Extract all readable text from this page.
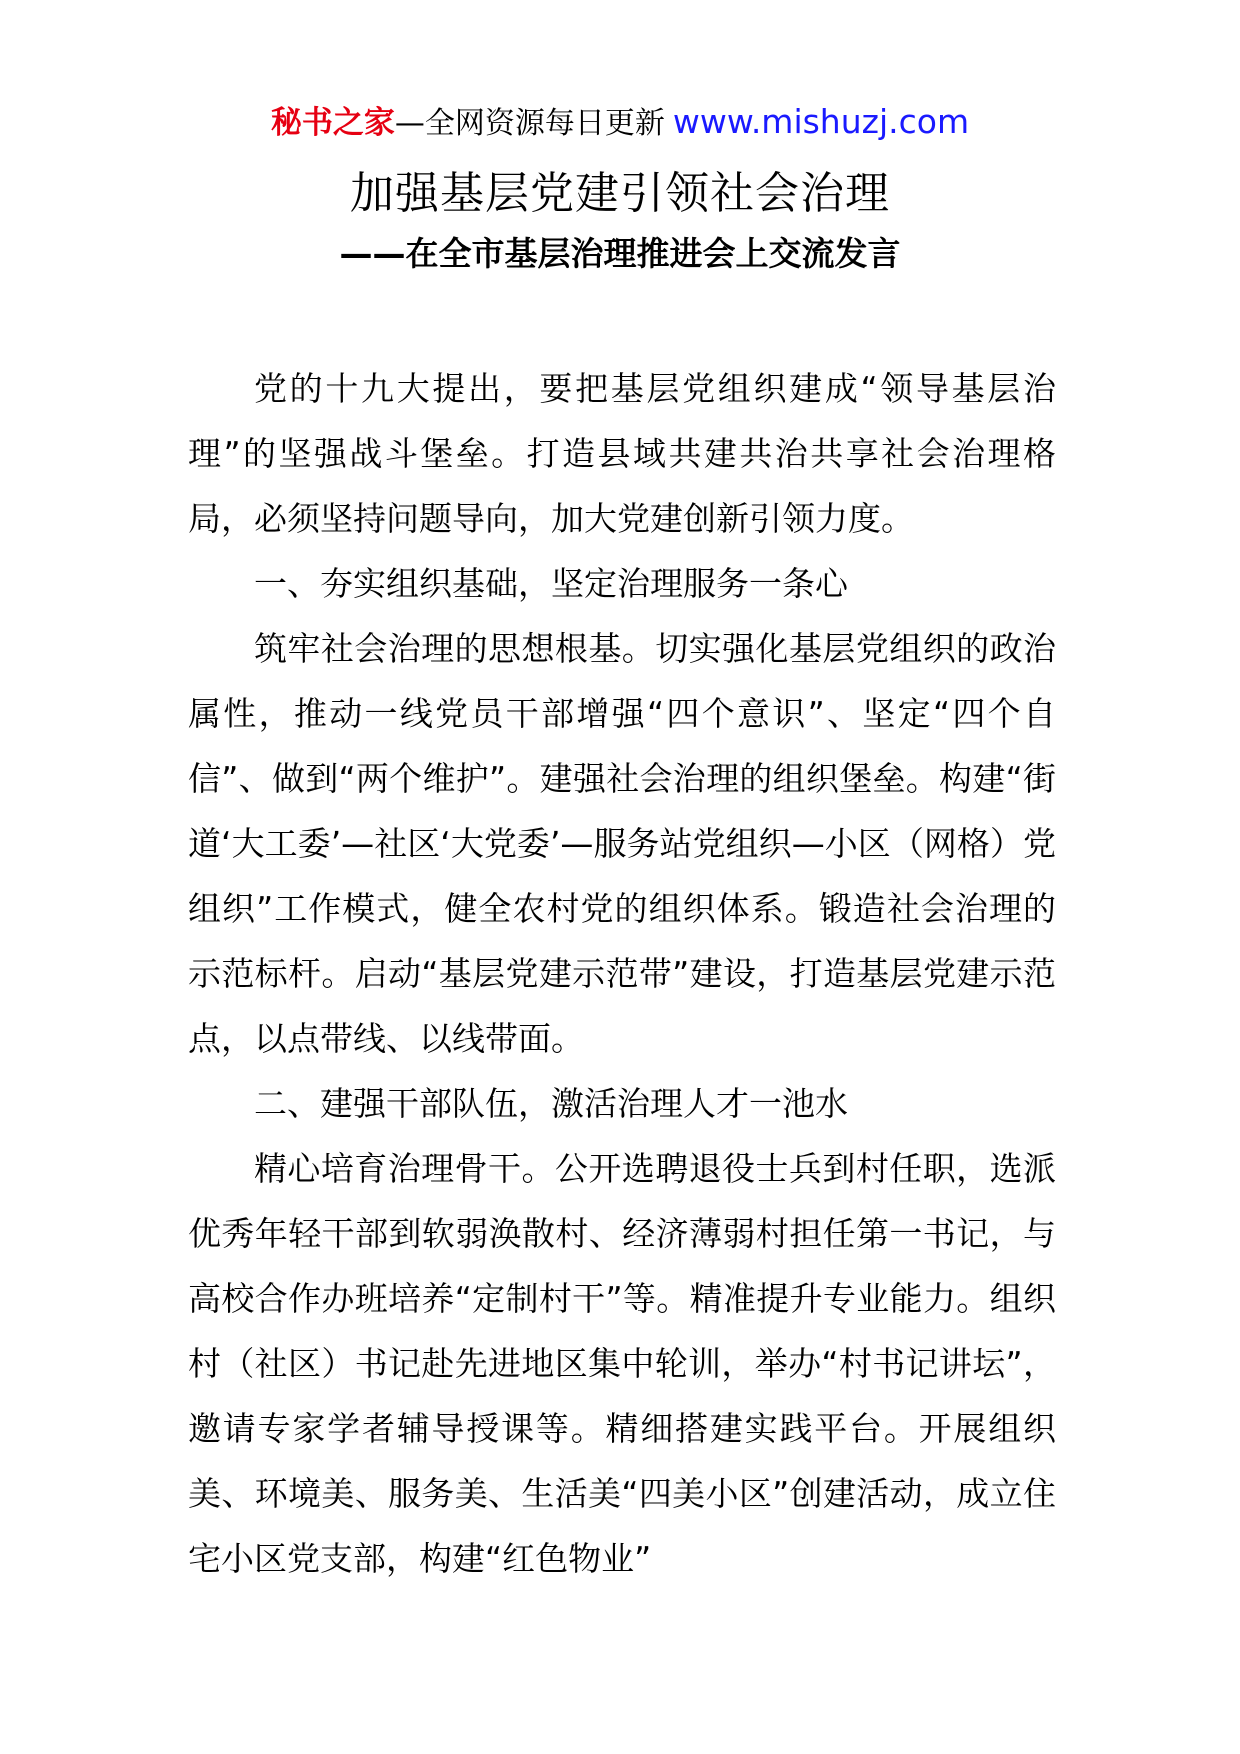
秘书之家—全网资源每日更新 www.mishuzj.com
加强基层党建引领社会治理
——在全市基层治理推进会上交流发言

党的十九大提出，要把基层党组织建成“领导基层治理”的坚强战斗堡垒。打造县域共建共治共享社会治理格局，必须坚持问题导向，加大党建创新引领力度。

一、夯实组织基础，坚定治理服务一条心

筑牢社会治理的思想根基。切实强化基层党组织的政治属性，推动一线党员干部增强“四个意识”、坚定“四个自信”、做到“两个维护”。建强社会治理的组织堡垒。构建“街道‘大工委’—社区‘大党委’—服务站党组织—小区（网格）党组织”工作模式，健全农村党的组织体系。锻造社会治理的示范标杆。启动“基层党建示范带”建设，打造基层党建示范点，以点带线、以线带面。

二、建强干部队伍，激活治理人才一池水

精心培育治理骨干。公开选聘退役士兵到村任职，选派优秀年轻干部到软弱涣散村、经济薄弱村担任第一书记，与高校合作办班培养“定制村干”等。精准提升专业能力。组织村（社区）书记赴先进地区集中轮训，举办“村书记讲坛”，邀请专家学者辅导授课等。精细搭建实践平台。开展组织美、环境美、服务美、生活美“四美小区”创建活动，成立住宅小区党支部，构建“红色物业”
